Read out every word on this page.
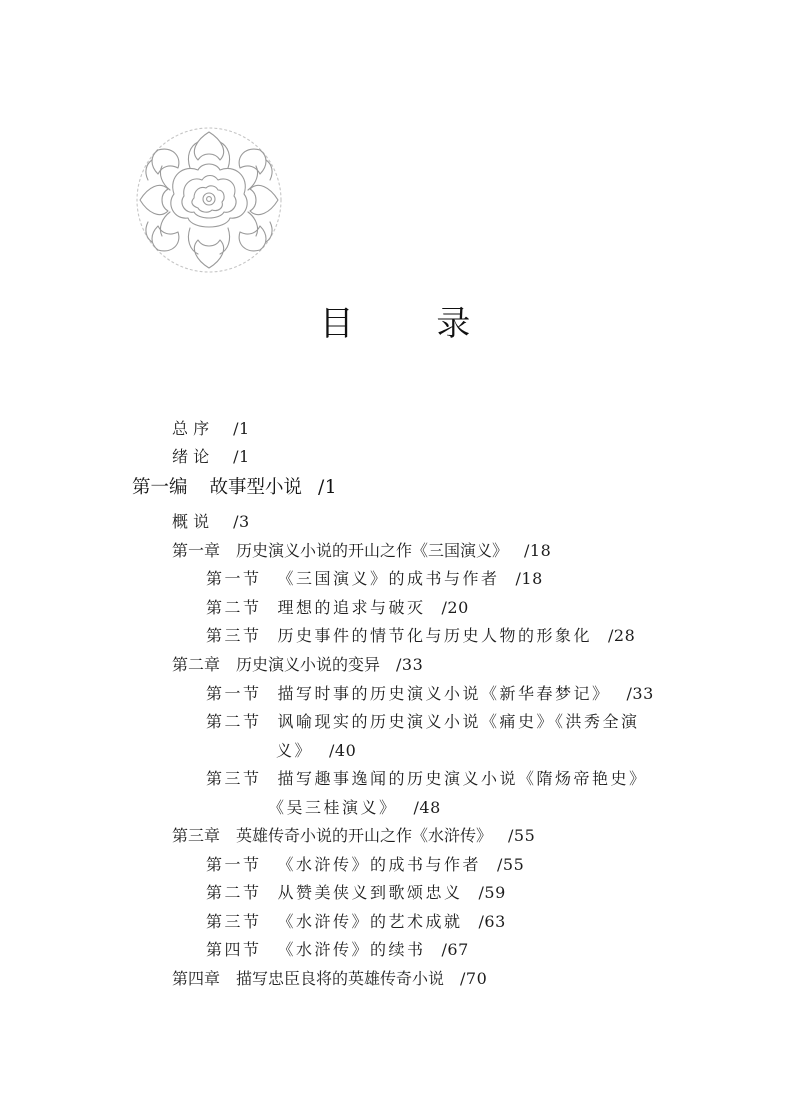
目 录
总 序 /1
绪 论 /1
第一编 故事型小说 /1
概 说 /3
第一章 历史演义小说的开山之作《三国演义》 /18
第一节 《三国演义》的成书与作者 /18
第二节 理想的追求与破灭 /20
第三节 历史事件的情节化与历史人物的形象化 /28
第二章 历史演义小说的变异 /33
第一节 描写时事的历史演义小说《新华春梦记》 /33
第二节 讽喻现实的历史演义小说《痛史》《洪秀全演
义》 /40
第三节 描写趣事逸闻的历史演义小说《隋炀帝艳史》
《吴三桂演义》 /48
第三章 英雄传奇小说的开山之作《水浒传》 /55
第一节 《水浒传》的成书与作者 /55
第二节 从赞美侠义到歌颂忠义 /59
第三节 《水浒传》的艺术成就 /63
第四节 《水浒传》的续书 /67
第四章 描写忠臣良将的英雄传奇小说 /70
